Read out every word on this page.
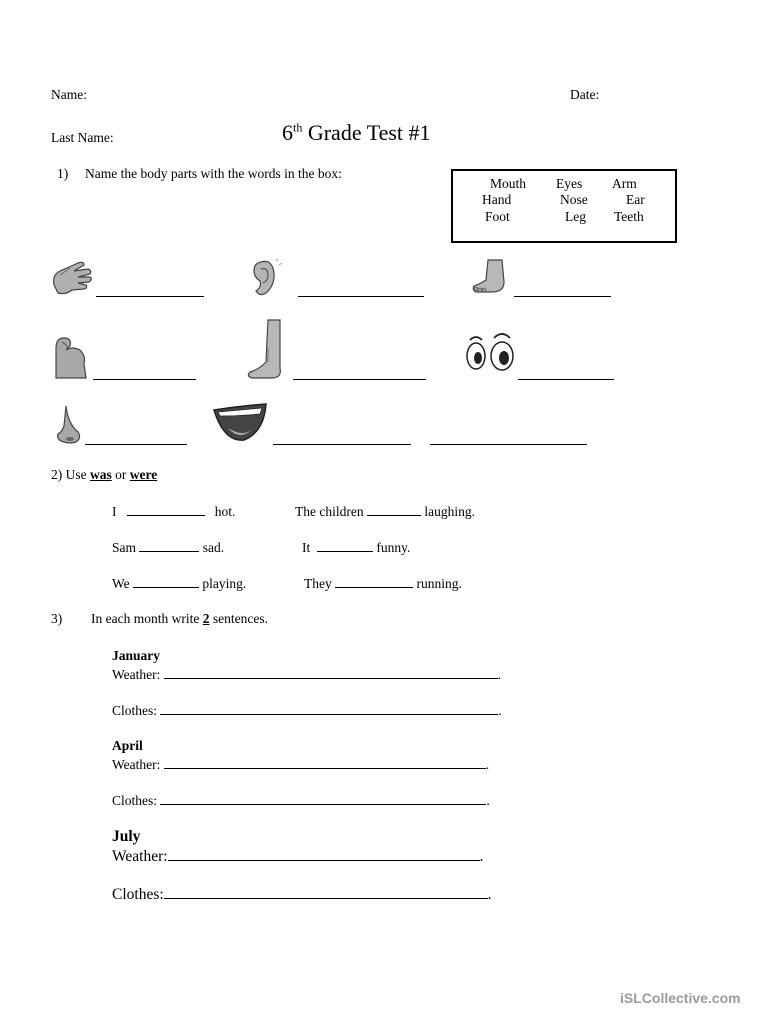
Name:	Date:
Last Name:	6th Grade Test #1
1) Name the body parts with the words in the box:
Mouth Eyes Arm
Hand	Nose	Ear
Foot	Leg Teeth
2) Use was or were
I	hot.	The children	laughing.
Sam	sad.	It	funny.
We	playing.	They	running.
3) In each month write 2 sentences.
January
Weather:	.
Clothes:	.
April
Weather:	.
Clothes:	.
July
Weather:	.
Clothes:	.
iSLCollective.com
